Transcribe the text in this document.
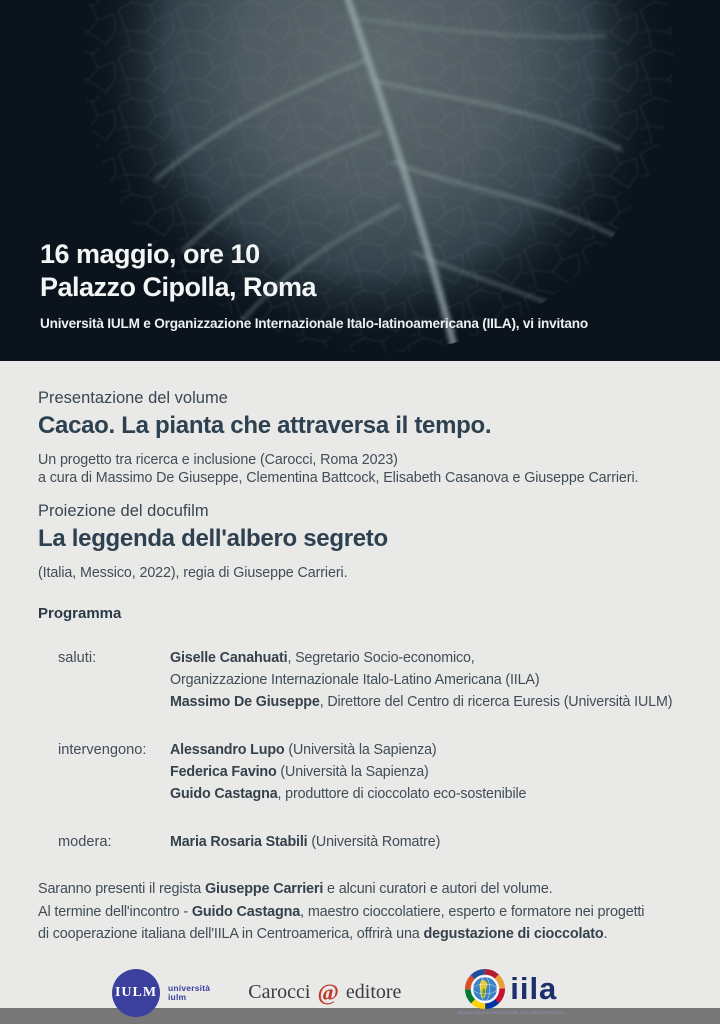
16 maggio, ore 10
Palazzo Cipolla, Roma
Università IULM e Organizzazione Internazionale Italo-latinoamericana (IILA), vi invitano
Presentazione del volume
Cacao. La pianta che attraversa il tempo.
Un progetto tra ricerca e inclusione (Carocci, Roma 2023)
a cura di Massimo De Giuseppe, Clementina Battcock, Elisabeth Casanova e Giuseppe Carrieri.
Proiezione del docufilm
La leggenda dell'albero segreto
(Italia, Messico, 2022), regia di Giuseppe Carrieri.
Programma
saluti:	Giselle Canahuati, Segretario Socio-economico,
Organizzazione Internazionale Italo-Latino Americana (IILA)
Massimo De Giuseppe, Direttore del Centro di ricerca Euresis (Università IULM)
intervengono:	Alessandro Lupo (Università la Sapienza)
Federica Favino (Università la Sapienza)
Guido Castagna, produttore di cioccolato eco-sostenibile
modera:	Maria Rosaria Stabili (Università Romatre)
Saranno presenti il regista Giuseppe Carrieri e alcuni curatori e autori del volume.
Al termine dell'incontro - Guido Castagna, maestro cioccolatiere, esperto e formatore nei progetti
di cooperazione italiana dell'IILA in Centroamerica, offrirà una degustazione di cioccolato.
IULM università
iulm	Carocci @ editore	iila
Organizzazione Internazionale Italo-Latino Americana
